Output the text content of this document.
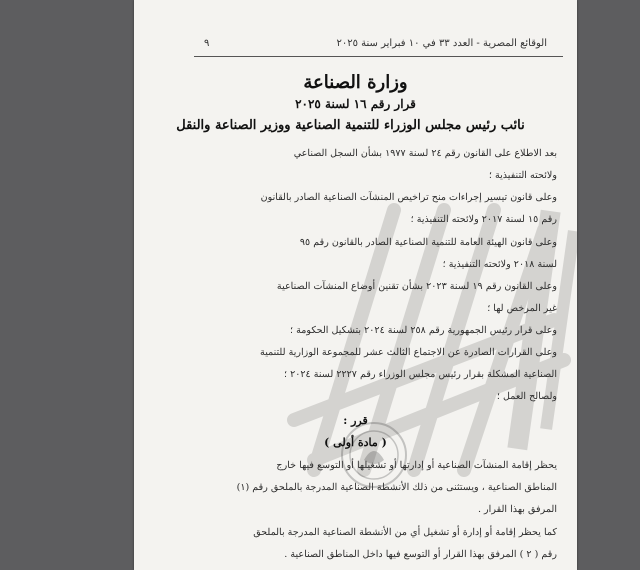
الوقائع المصرية - العدد ٣٣ في ١٠ فبراير سنة ٢٠٢٥
٩
وزارة الصناعة
قرار رقم ١٦ لسنة ٢٠٢٥
نائب رئيس مجلس الوزراء للتنمية الصناعية ووزير الصناعة والنقل
بعد الاطلاع على القانون رقم ٢٤ لسنة ١٩٧٧ بشأن السجل الصناعي
ولائحته التنفيذية ؛
وعلى قانون تيسير إجراءات منح تراخيص المنشآت الصناعية الصادر بالقانون
رقم ١٥ لسنة ٢٠١٧ ولائحته التنفيذية ؛
وعلى قانون الهيئة العامة للتنمية الصناعية الصادر بالقانون رقم ٩٥
لسنة ٢٠١٨ ولائحته التنفيذية ؛
وعلى القانون رقم ١٩ لسنة ٢٠٢٣ بشأن تقنين أوضاع المنشآت الصناعية
غير المرخص لها ؛
وعلى قرار رئيس الجمهورية رقم ٢٥٨ لسنة ٢٠٢٤ بتشكيل الحكومة ؛
وعلى القرارات الصادرة عن الاجتماع الثالث عشر للمجموعة الوزارية للتنمية
الصناعية المشكلة بقرار رئيس مجلس الوزراء رقم ٢٢٢٧ لسنة ٢٠٢٤ ؛
ولصالح العمل ؛
قرر :
( مادة أولى )
يحظر إقامة المنشآت الصناعية أو إدارتها أو تشغيلها أو التوسع فيها خارج
المناطق الصناعية ، ويستثنى من ذلك الأنشطة الصناعية المدرجة بالملحق رقم (١)
المرفق بهذا القرار .
كما يحظر إقامة أو إدارة أو تشغيل أي من الأنشطة الصناعية المدرجة بالملحق
رقم ( ٢ ) المرفق بهذا القرار أو التوسع فيها داخل المناطق الصناعية .
